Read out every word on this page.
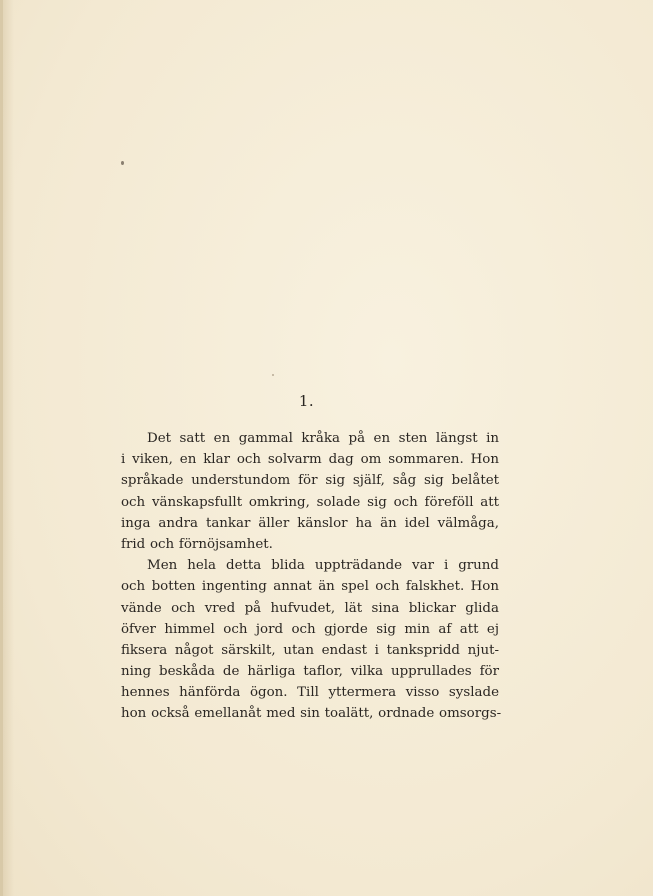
1.
Det satt en gammal kråka på en sten längst in
i viken, en klar och solvarm dag om sommaren. Hon
språkade understundom för sig själf, såg sig belåtet
och vänskapsfullt omkring, solade sig och föreföll att
inga andra tankar äller känslor ha än idel välmåga,
frid och förnöjsamhet.
Men hela detta blida uppträdande var i grund
och botten ingenting annat än spel och falskhet. Hon
vände och vred på hufvudet, lät sina blickar glida
öfver himmel och jord och gjorde sig min af att ej
fiksera något särskilt, utan endast i tankspridd njut-
ning beskåda de härliga taflor, vilka upprullades för
hennes hänförda ögon. Till yttermera visso syslade
hon också emellanåt med sin toalätt, ordnade omsorgs-
